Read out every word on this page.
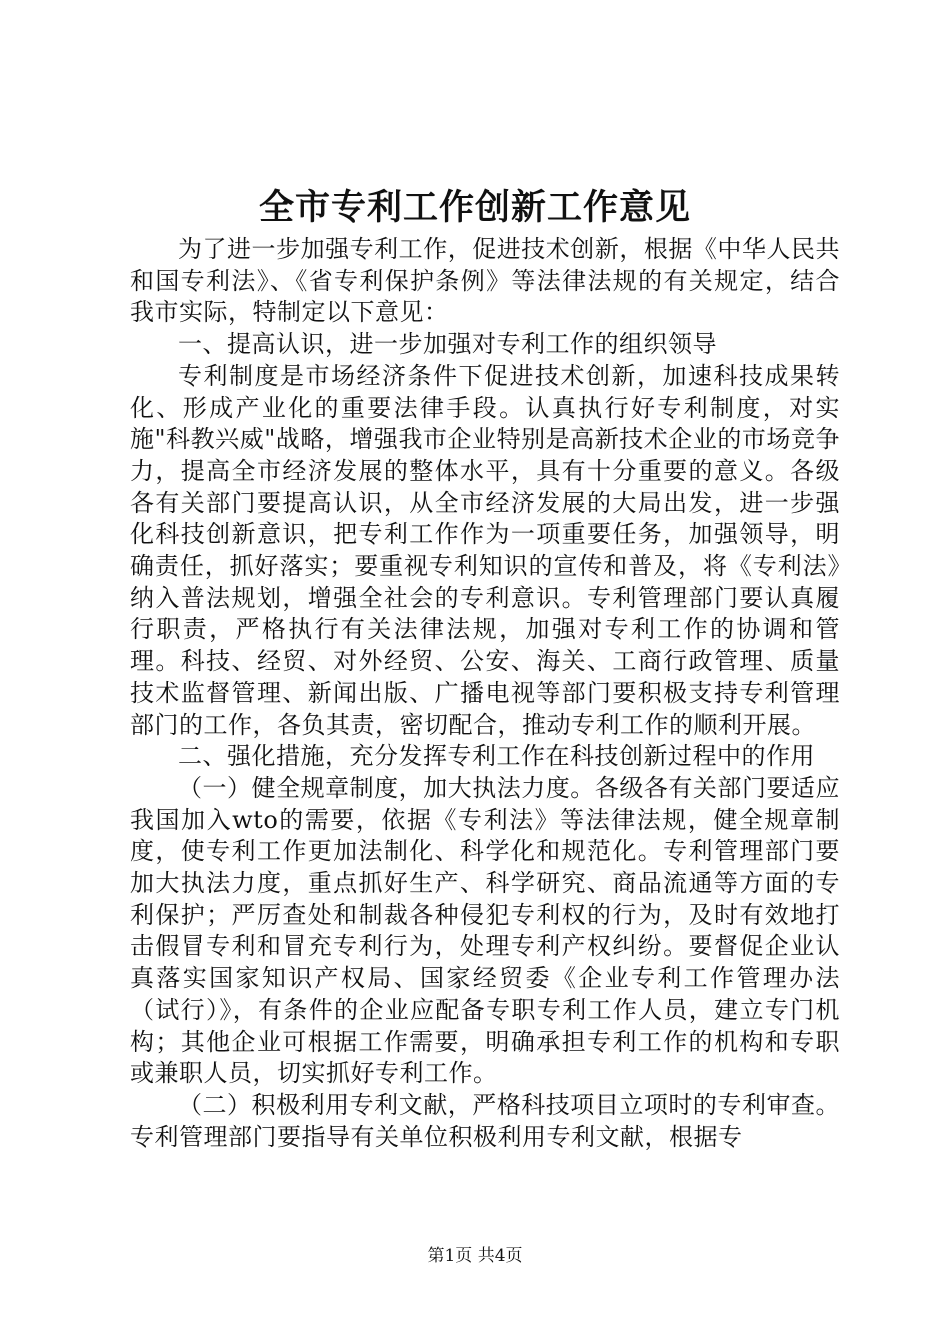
全市专利工作创新工作意见

为了进一步加强专利工作，促进技术创新，根据《中华人民共和国专利法》、《省专利保护条例》等法律法规的有关规定，结合我市实际，特制定以下意见：

一、提高认识，进一步加强对专利工作的组织领导

专利制度是市场经济条件下促进技术创新，加速科技成果转化、形成产业化的重要法律手段。认真执行好专利制度，对实施"科教兴威"战略，增强我市企业特别是高新技术企业的市场竞争力，提高全市经济发展的整体水平，具有十分重要的意义。各级各有关部门要提高认识，从全市经济发展的大局出发，进一步强化科技创新意识，把专利工作作为一项重要任务，加强领导，明确责任，抓好落实；要重视专利知识的宣传和普及，将《专利法》纳入普法规划，增强全社会的专利意识。专利管理部门要认真履行职责，严格执行有关法律法规，加强对专利工作的协调和管理。科技、经贸、对外经贸、公安、海关、工商行政管理、质量技术监督管理、新闻出版、广播电视等部门要积极支持专利管理部门的工作，各负其责，密切配合，推动专利工作的顺利开展。

二、强化措施，充分发挥专利工作在科技创新过程中的作用

（一）健全规章制度，加大执法力度。各级各有关部门要适应我国加入wto的需要，依据《专利法》等法律法规，健全规章制度，使专利工作更加法制化、科学化和规范化。专利管理部门要加大执法力度，重点抓好生产、科学研究、商品流通等方面的专利保护；严厉查处和制裁各种侵犯专利权的行为，及时有效地打击假冒专利和冒充专利行为，处理专利产权纠纷。要督促企业认真落实国家知识产权局、国家经贸委《企业专利工作管理办法（试行）》，有条件的企业应配备专职专利工作人员，建立专门机构；其他企业可根据工作需要，明确承担专利工作的机构和专职或兼职人员，切实抓好专利工作。

（二）积极利用专利文献，严格科技项目立项时的专利审查。专利管理部门要指导有关单位积极利用专利文献，根据专

第1页 共4页
